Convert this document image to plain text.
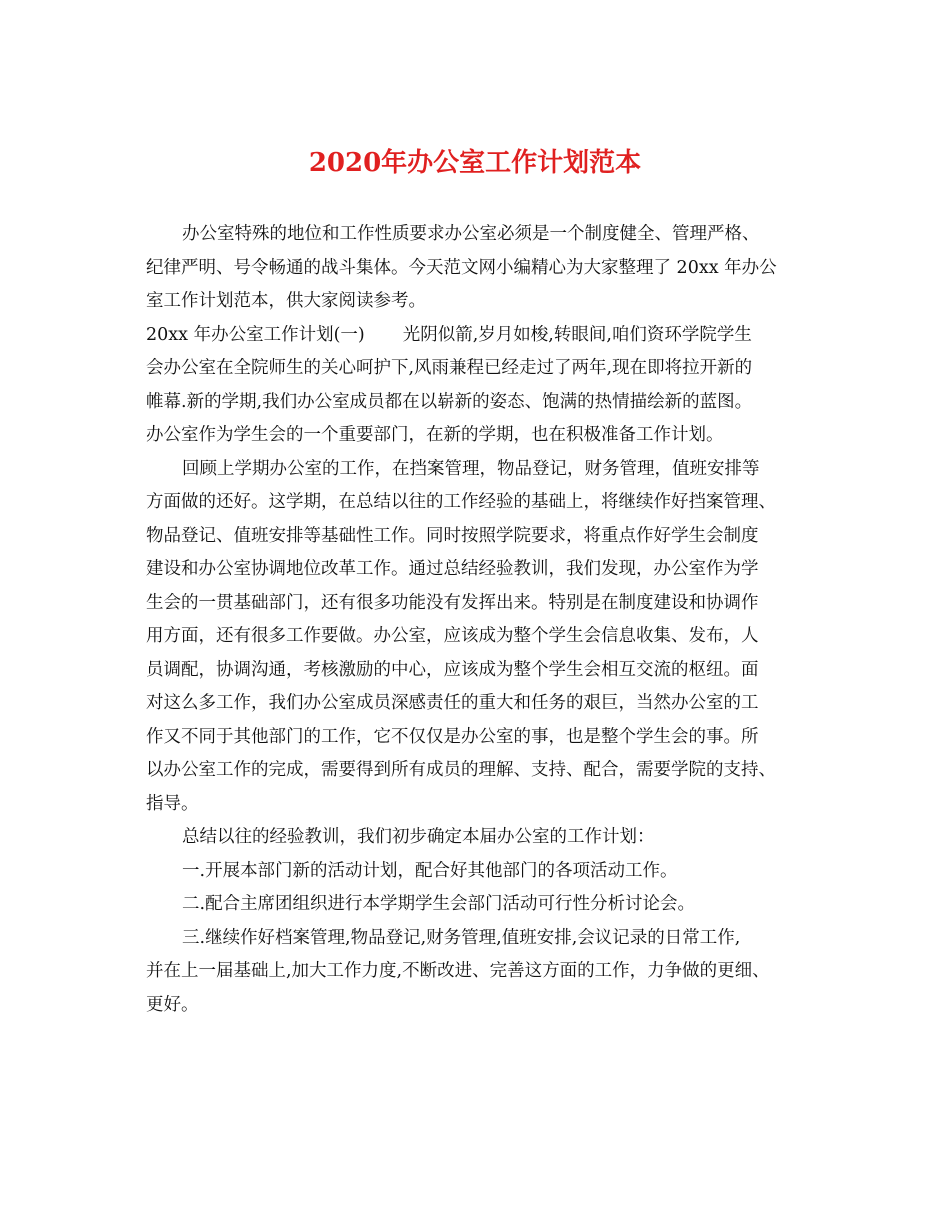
2020年办公室工作计划范本
办公室特殊的地位和工作性质要求办公室必须是一个制度健全、管理严格、
纪律严明、号令畅通的战斗集体。今天范文网小编精心为大家整理了 20xx 年办公
室工作计划范本，供大家阅读参考。
20xx 年办公室工作计划(一) 光阴似箭,岁月如梭,转眼间,咱们资环学院学生
会办公室在全院师生的关心呵护下,风雨兼程已经走过了两年,现在即将拉开新的
帷幕.新的学期,我们办公室成员都在以崭新的姿态、饱满的热情描绘新的蓝图。
办公室作为学生会的一个重要部门，在新的学期，也在积极准备工作计划。
回顾上学期办公室的工作，在挡案管理，物品登记，财务管理，值班安排等
方面做的还好。这学期，在总结以往的工作经验的基础上，将继续作好挡案管理、
物品登记、值班安排等基础性工作。同时按照学院要求，将重点作好学生会制度
建设和办公室协调地位改革工作。通过总结经验教训，我们发现，办公室作为学
生会的一贯基础部门，还有很多功能没有发挥出来。特别是在制度建设和协调作
用方面，还有很多工作要做。办公室，应该成为整个学生会信息收集、发布，人
员调配，协调沟通，考核激励的中心，应该成为整个学生会相互交流的枢纽。面
对这么多工作，我们办公室成员深感责任的重大和任务的艰巨，当然办公室的工
作又不同于其他部门的工作，它不仅仅是办公室的事，也是整个学生会的事。所
以办公室工作的完成，需要得到所有成员的理解、支持、配合，需要学院的支持、
指导。
总结以往的经验教训，我们初步确定本届办公室的工作计划：
一.开展本部门新的活动计划，配合好其他部门的各项活动工作。
二.配合主席团组织进行本学期学生会部门活动可行性分析讨论会。
三.继续作好档案管理,物品登记,财务管理,值班安排,会议记录的日常工作,
并在上一届基础上,加大工作力度,不断改进、完善这方面的工作，力争做的更细、
更好。
